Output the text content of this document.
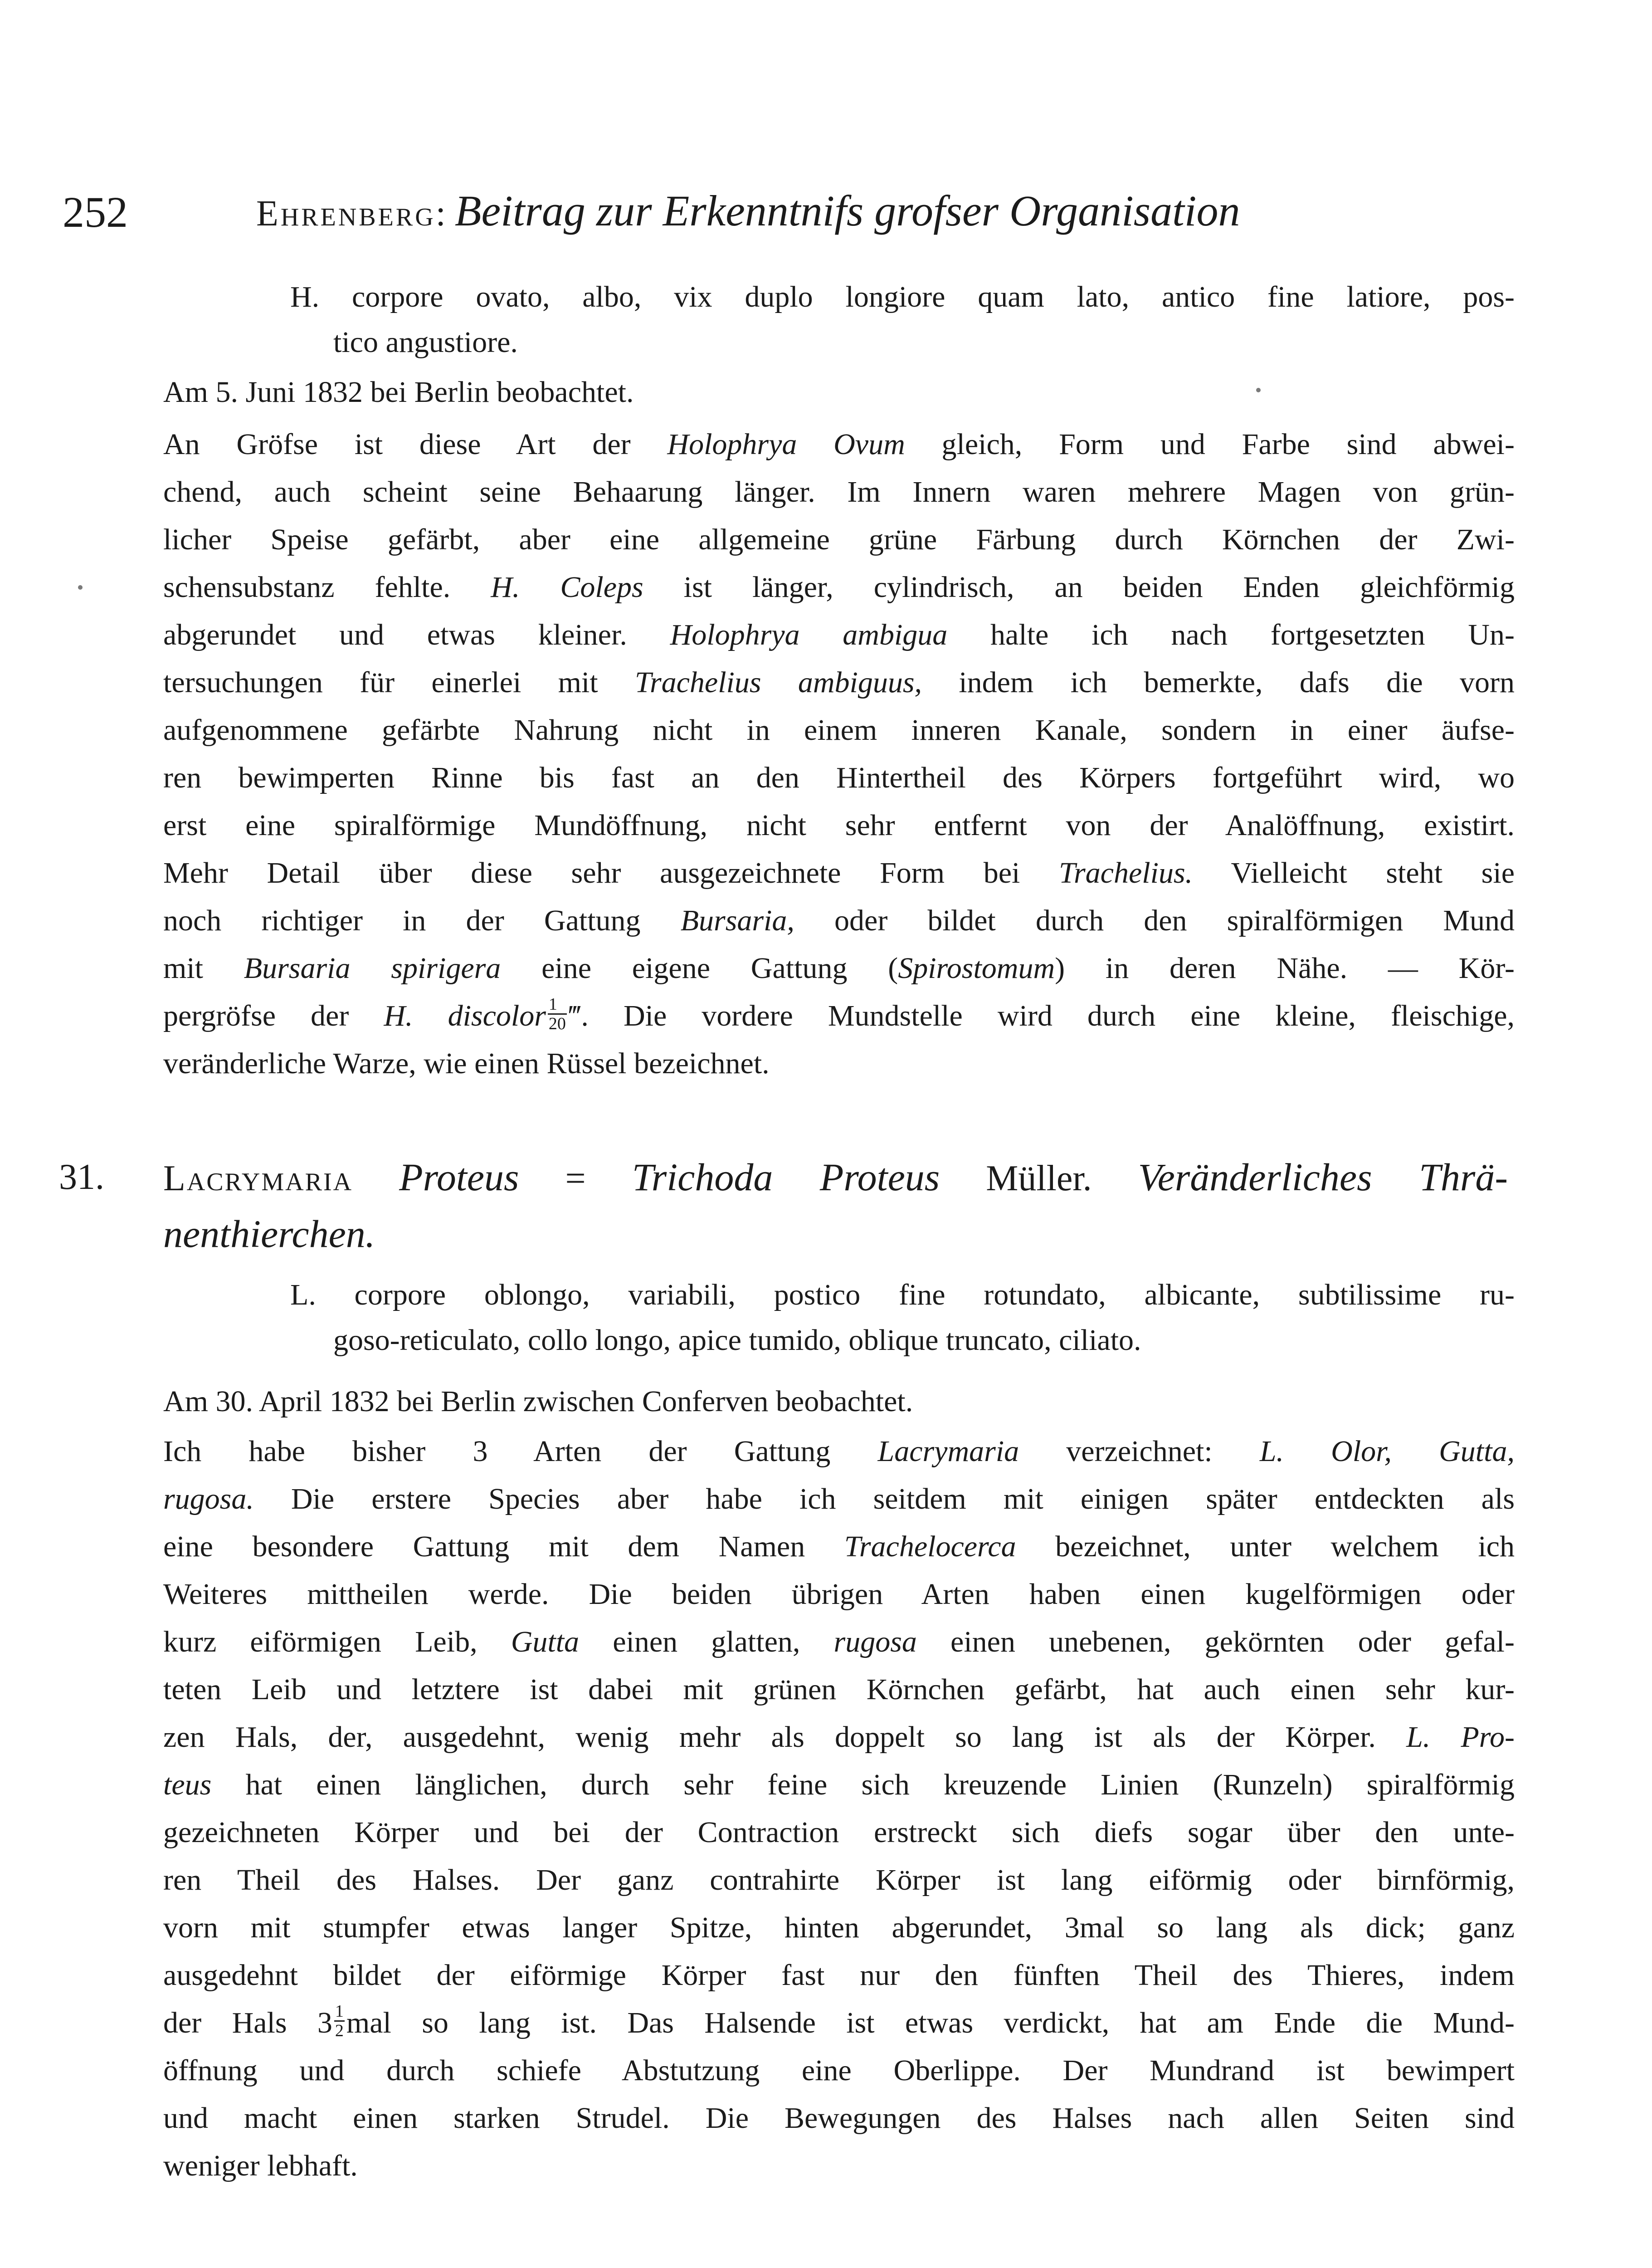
252	Ehrenberg: Beitrag zur Erkenntnifs grofser Organisation
H. corpore ovato, albo, vix duplo longiore quam lato, antico fine latiore, pos-
tico angustiore.
Am 5. Juni 1832 bei Berlin beobachtet.
An Gröfse ist diese Art der Holophrya Ovum gleich, Form und Farbe sind abwei-
chend, auch scheint seine Behaarung länger. Im Innern waren mehrere Magen von grün-
licher Speise gefärbt, aber eine allgemeine grüne Färbung durch Körnchen der Zwi-
schensubstanz fehlte. H. Coleps ist länger, cylindrisch, an beiden Enden gleichförmig
abgerundet und etwas kleiner. Holophrya ambigua halte ich nach fortgesetzten Un-
tersuchungen für einerlei mit Trachelius ambiguus, indem ich bemerkte, dafs die vorn
aufgenommene gefärbte Nahrung nicht in einem inneren Kanale, sondern in einer äufse-
ren bewimperten Rinne bis fast an den Hintertheil des Körpers fortgeführt wird, wo
erst eine spiralförmige Mundöffnung, nicht sehr entfernt von der Analöffnung, existirt.
Mehr Detail über diese sehr ausgezeichnete Form bei Trachelius. Vielleicht steht sie
noch richtiger in der Gattung Bursaria, oder bildet durch den spiralförmigen Mund
mit Bursaria spirigera eine eigene Gattung (Spirostomum) in deren Nähe. — Kör-
pergröfse der H. discolor $\frac{1}{20}$ ‴. Die vordere Mundstelle wird durch eine kleine, fleischige,
veränderliche Warze, wie einen Rüssel bezeichnet.
31. Lacrymaria Proteus = Trichoda Proteus Müller. Veränderliches Thrä-
nenthierchen.
L. corpore oblongo, variabili, postico fine rotundato, albicante, subtilissime ru-
goso-reticulato, collo longo, apice tumido, oblique truncato, ciliato.
Am 30. April 1832 bei Berlin zwischen Conferven beobachtet.
Ich habe bisher 3 Arten der Gattung Lacrymaria verzeichnet: L. Olor, Gutta,
rugosa. Die erstere Species aber habe ich seitdem mit einigen später entdeckten als
eine besondere Gattung mit dem Namen Trachelocerca bezeichnet, unter welchem ich
Weiteres mittheilen werde. Die beiden übrigen Arten haben einen kugelförmigen oder
kurz eiförmigen Leib, Gutta einen glatten, rugosa einen unebenen, gekörnten oder gefal-
teten Leib und letztere ist dabei mit grünen Körnchen gefärbt, hat auch einen sehr kur-
zen Hals, der, ausgedehnt, wenig mehr als doppelt so lang ist als der Körper. L. Pro-
teus hat einen länglichen, durch sehr feine sich kreuzende Linien (Runzeln) spiralförmig
gezeichneten Körper und bei der Contraction erstreckt sich diefs sogar über den unte-
ren Theil des Halses. Der ganz contrahirte Körper ist lang eiförmig oder birnförmig,
vorn mit stumpfer etwas langer Spitze, hinten abgerundet, 3mal so lang als dick; ganz
ausgedehnt bildet der eiförmige Körper fast nur den fünften Theil des Thieres, indem
der Hals $3 \frac{1}{2}$ mal so lang ist. Das Halsende ist etwas verdickt, hat am Ende die Mund-
öffnung und durch schiefe Abstutzung eine Oberlippe. Der Mundrand ist bewimpert
und macht einen starken Strudel. Die Bewegungen des Halses nach allen Seiten sind
weniger lebhaft.
